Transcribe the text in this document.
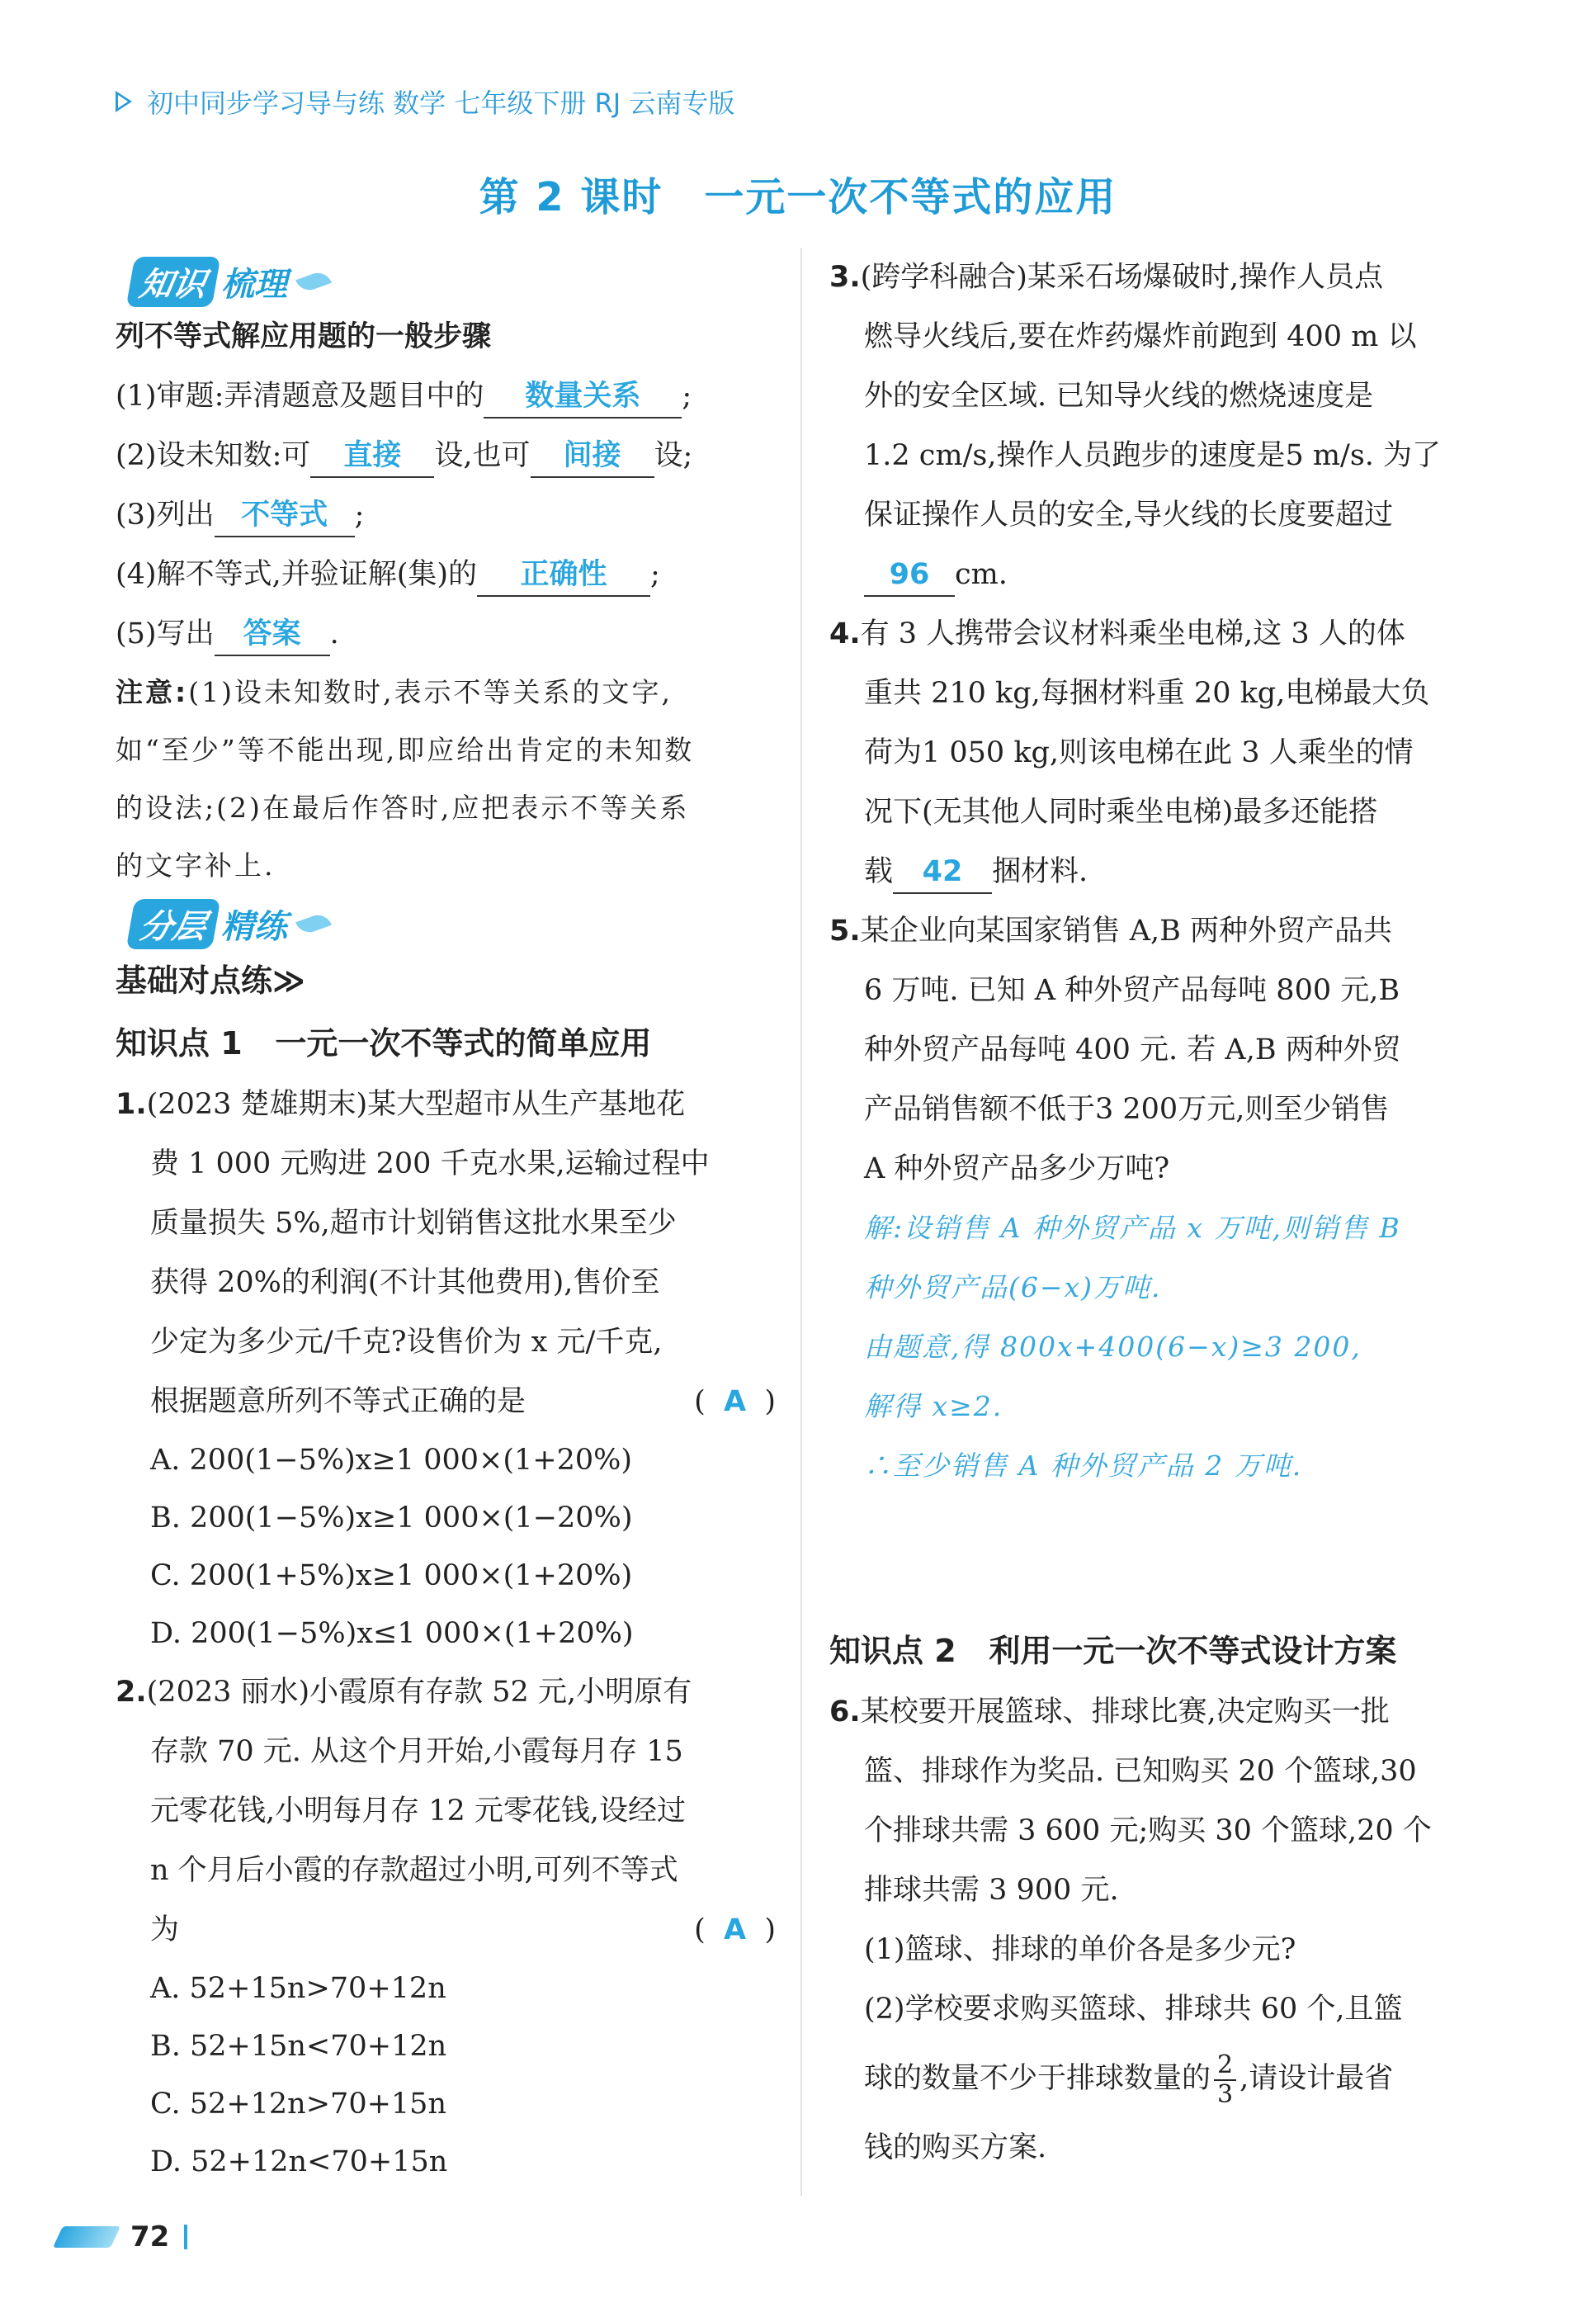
初中同步学习导与练 数学 七年级下册 RJ 云南专版
第 2 课时 一元一次不等式的应用
知识 梳理
列不等式解应用题的一般步骤
(1)审题:弄清题意及题目中的 数量关系 ;
(2)设未知数:可 直接 设,也可 间接 设;
(3)列出 不等式 ;
(4)解不等式,并验证解(集)的 正确性 ;
(5)写出 答案 .
注意:(1)设未知数时,表示不等关系的文字,
如“至少”等不能出现,即应给出肯定的未知数
的设法;(2)在最后作答时,应把表示不等关系
的文字补上.
分层 精练
基础对点练≫
知识点 1 一元一次不等式的简单应用
1.(2023 楚雄期末)某大型超市从生产基地花
费 1 000 元购进 200 千克水果,运输过程中
质量损失 5%,超市计划销售这批水果至少
获得 20%的利润(不计其他费用),售价至
少定为多少元/千克?设售价为 x 元/千克,
根据题意所列不等式正确的是	(  A  )
A. 200(1−5%)x≥1 000×(1+20%)
B. 200(1−5%)x≥1 000×(1−20%)
C. 200(1+5%)x≥1 000×(1+20%)
D. 200(1−5%)x≤1 000×(1+20%)
2.(2023 丽水)小霞原有存款 52 元,小明原有
存款 70 元. 从这个月开始,小霞每月存 15
元零花钱,小明每月存 12 元零花钱,设经过
n 个月后小霞的存款超过小明,可列不等式
为	(  A  )
A. 52+15n>70+12n
B. 52+15n<70+12n
C. 52+12n>70+15n
D. 52+12n<70+15n
3.(跨学科融合)某采石场爆破时,操作人员点
燃导火线后,要在炸药爆炸前跑到 400 m 以
外的安全区域. 已知导火线的燃烧速度是
1.2 cm/s,操作人员跑步的速度是5 m/s. 为了
保证操作人员的安全,导火线的长度要超过
96 cm.
4.有 3 人携带会议材料乘坐电梯,这 3 人的体
重共 210 kg,每捆材料重 20 kg,电梯最大负
荷为1 050 kg,则该电梯在此 3 人乘坐的情
况下(无其他人同时乘坐电梯)最多还能搭
载 42 捆材料.
5.某企业向某国家销售 A,B 两种外贸产品共
6 万吨. 已知 A 种外贸产品每吨 800 元,B
种外贸产品每吨 400 元. 若 A,B 两种外贸
产品销售额不低于3 200万元,则至少销售
A 种外贸产品多少万吨?
解:设销售 A 种外贸产品 x 万吨,则销售 B
种外贸产品(6−x)万吨.
由题意,得 800x+400(6−x)≥3 200,
解得 x≥2.
∴至少销售 A 种外贸产品 2 万吨.
知识点 2 利用一元一次不等式设计方案
6.某校要开展篮球、排球比赛,决定购买一批
篮、排球作为奖品. 已知购买 20 个篮球,30
个排球共需 3 600 元;购买 30 个篮球,20 个
排球共需 3 900 元.
(1)篮球、排球的单价各是多少元?
(2)学校要求购买篮球、排球共 60 个,且篮
球的数量不少于排球数量的 $\frac{2}{3}$ ,请设计最省
钱的购买方案.
72
